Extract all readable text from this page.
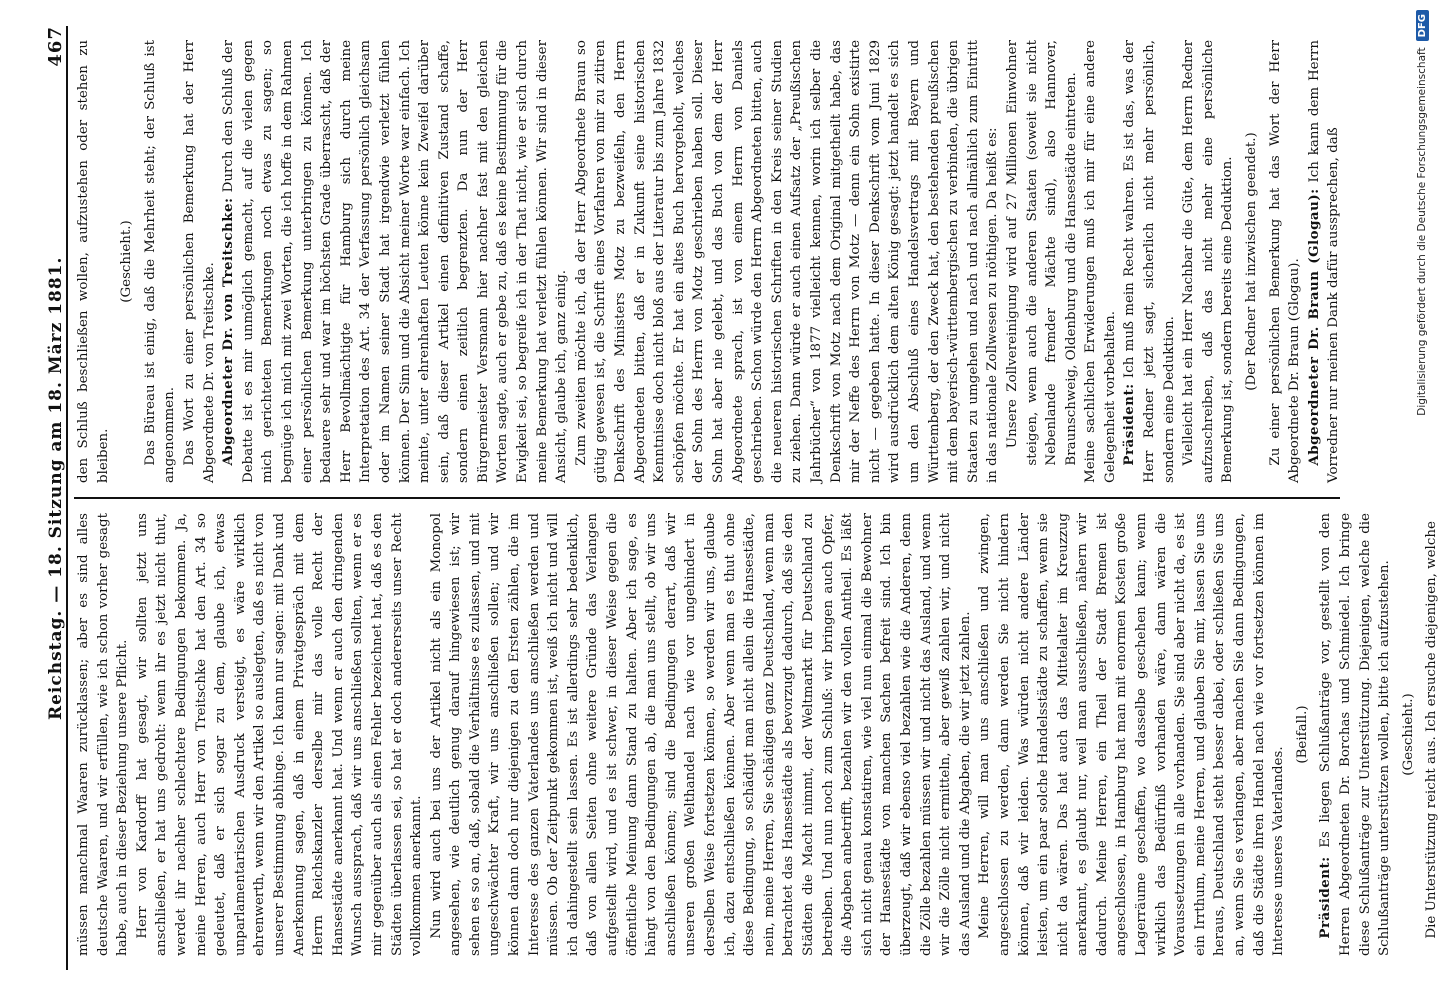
Reichstag. — 18. Sitzung am 18. März 1881.
467

müssen manchmal Waaren zurücklassen; aber es sind alles deutsche Waaren, und wir erfüllen, wie ich schon vorher gesagt habe, auch in dieser Beziehung unsere Pflicht. Herr von Kardorff hat gesagt, wir sollten jetzt uns anschließen, er hat uns gedroht: wenn ihr es jetzt nicht thut, werdet ihr nachher schlechtere Bedingungen bekommen. Ja, meine Herren, auch Herr von Treitschke hat den Art. 34 so gedeutet, daß er sich sogar zu dem, glaube ich, etwas unparlamentarischen Ausdruck versteigt, es wäre wirklich ehrenwerth, wenn wir den Artikel so auslegten, daß es nicht von unserer Bestimmung abhinge. Ich kann nur sagen: mit Dank und Anerkennung sagen, daß in einem Privatgespräch mit dem Herrn Reichskanzler derselbe mir das volle Recht der Hansestädte anerkannt hat. Und wenn er auch den dringenden Wunsch aussprach, daß wir uns anschließen sollten, wenn er es mir gegenüber auch als einen Fehler bezeichnet hat, daß es den Städten überlassen sei, so hat er doch andererseits unser Recht vollkommen anerkannt. Nun wird auch bei uns der Artikel nicht als ein Monopol angesehen, wie deutlich genug darauf hingewiesen ist; wir sehen es so an, daß, sobald die Verhältnisse es zulassen, und mit ungeschwächter Kraft, wir uns anschließen sollen; und wir können dann doch nur diejenigen zu den Ersten zählen, die im Interesse des ganzen Vaterlandes uns anschließen werden und müssen. Ob der Zeitpunkt gekommen ist, weiß ich nicht und will ich dahingestellt sein lassen. Es ist allerdings sehr bedenklich, daß von allen Seiten ohne weitere Gründe das Verlangen aufgestellt wird, und es ist schwer, in dieser Weise gegen die öffentliche Meinung dann Stand zu halten. Aber ich sage, es hängt von den Bedingungen ab, die man uns stellt, ob wir uns anschließen können; sind die Bedingungen derart, daß wir unseren großen Welthandel nach wie vor ungehindert in derselben Weise fortsetzen können, so werden wir uns, glaube ich, dazu entschließen können. Aber wenn man es thut ohne diese Bedingung, so schädigt man nicht allein die Hansestädte, nein, meine Herren, Sie schädigen ganz Deutschland, wenn man betrachtet das Hansestädte als bevorzugt dadurch, daß sie den Städten die Macht nimmt, der Weltmarkt für Deutschland zu betreiben. Und nun noch zum Schluß: wir bringen auch Opfer, die Abgaben anbetrifft, bezahlen wir den vollen Antheil. Es läßt sich nicht genau konstatiren, wie viel nun einmal die Bewohner der Hansestädte von manchen Sachen befreit sind. Ich bin überzeugt, daß wir ebenso viel bezahlen wie die Anderen, denn die Zölle bezahlen müssen wir und nicht das Ausland, und wenn wir die Zölle nicht ermitteln, aber gewiß zahlen wir, und nicht das Ausland und die Abgaben, die wir jetzt zahlen. Meine Herren, will man uns anschließen und zwingen, angeschlossen zu werden, dann werden Sie nicht hindern können, daß wir leiden. Was würden nicht andere Länder leisten, um ein paar solche Handelsstädte zu schaffen, wenn sie nicht da wären. Das hat auch das Mittelalter im Kreuzzug anerkannt, es glaubt nur, weil man ausschließen, nähern wir dadurch. Meine Herren, ein Theil der Stadt Bremen ist angeschlossen, in Hamburg hat man mit enormen Kosten große Lagerräume geschaffen, wo dasselbe geschehen kann; wenn wirklich das Bedürfniß vorhanden wäre, dann wären die Voraussetzungen in alle vorhanden. Sie sind aber nicht da, es ist ein Irrthum, meine Herren, und glauben Sie mir, lassen Sie uns heraus, Deutschland steht besser dabei, oder schließen Sie uns an, wenn Sie es verlangen, aber machen Sie dann Bedingungen, daß die Städte ihren Handel nach wie vor fortsetzen können im Interesse unseres Vaterlandes.

(Beifall.)

Präsident: Es liegen Schlußanträge vor, gestellt von den Herren Abgeordneten Dr. Borchas und Schmiedel. Ich bringe diese Schlußanträge zur Unterstützung. Diejenigen, welche die Schlußanträge unterstützen wollen, bitte ich aufzustehen. (Geschieht.) Die Unterstützung reicht aus. Ich ersuche diejenigen, welche

den Schluß beschließen wollen, aufzustehen oder stehen zu bleiben.

(Geschieht.) Das Büreau ist einig, daß die Mehrheit steht; der Schluß ist angenommen. Das Wort zu einer persönlichen Bemerkung hat der Herr Abgeordnete Dr. von Treitschke. Abgeordneter Dr. von Treitschke: Durch den Schluß der Debatte ist es mir unmöglich gemacht, auf die vielen gegen mich gerichteten Bemerkungen noch etwas zu sagen; so begnüge ich mich mit zwei Worten, die ich hoffe in dem Rahmen einer persönlichen Bemerkung unterbringen zu können. Ich bedauere sehr und war im höchsten Grade überrascht, daß der Herr Bevollmächtigte für Hamburg sich durch meine Interpretation des Art. 34 der Verfassung persönlich gleichsam oder im Namen seiner Stadt hat irgendwie verletzt fühlen können. Der Sinn und die Absicht meiner Worte war einfach. Ich meinte, unter ehrenhaften Leuten könne kein Zweifel darüber sein, daß dieser Artikel einen definitiven Zustand schaffe, sondern einen zeitlich begrenzten. Da nun der Herr Bürgermeister Versmann hier nachher fast mit den gleichen Worten sagte, auch er gebe zu, daß es keine Bestimmung für die Ewigkeit sei, so begreife ich in der That nicht, wie er sich durch meine Bemerkung hat verletzt fühlen können. Wir sind in dieser Ansicht, glaube ich, ganz einig. Zum zweiten möchte ich, da der Herr Abgeordnete Braun so gütig gewesen ist, die Schrift eines Vorfahren von mir zu zitiren Denkschrift des Ministers Motz zu bezweifeln, den Herrn Abgeordneten bitten, daß er in Zukunft seine historischen Kenntnisse doch nicht bloß aus der Literatur bis zum Jahre 1832 schöpfen möchte. Er hat ein altes Buch hervorgeholt, welches der Sohn des Herrn von Motz geschrieben haben soll. Dieser Sohn hat aber nie gelebt, und das Buch von dem der Herr Abgeordnete sprach, ist von einem Herrn von Daniels geschrieben. Schon würde den Herrn Abgeordneten bitten, auch die neueren historischen Schriften in den Kreis seiner Studien zu ziehen. Dann würde er auch einen Aufsatz der „Preußischen Jahrbücher“ von 1877 vielleicht kennen, worin ich selber die Denkschrift von Motz nach dem Original mitgetheilt habe, das mir der Neffe des Herrn von Motz — denn ein Sohn existirte nicht — gegeben hatte. In dieser Denkschrift vom Juni 1829 wird ausdrücklich dem alten König gesagt: jetzt handelt es sich um den Abschluß eines Handelsvertrags mit Bayern und Württemberg, der den Zweck hat, den bestehenden preußischen mit dem bayerisch-württembergischen zu verbinden, die übrigen Staaten zu umgehen und nach und nach allmählich zum Eintritt in das nationale Zollwesen zu nöthigen. Da heißt es: Unsere Zollvereinigung wird auf 27 Millionen Einwohner steigen, wenn auch die anderen Staaten (soweit sie nicht Nebenlande fremder Mächte sind), also Hannover, Braunschweig, Oldenburg und die Hansestädte eintreten. Meine sachlichen Erwiderungen muß ich mir für eine andere Gelegenheit vorbehalten. Präsident: Ich muß mein Recht wahren. Es ist das, was der Herr Redner jetzt sagt, sicherlich nicht mehr persönlich, sondern eine Deduktion. Vielleicht hat ein Herr Nachbar die Güte, dem Herrn Redner aufzuschreiben, daß das nicht mehr eine persönliche Bemerkung ist, sondern bereits eine Deduktion. (Der Redner hat inzwischen geendet.) Zu einer persönlichen Bemerkung hat das Wort der Herr Abgeordnete Dr. Braun (Glogau). Abgeordneter Dr. Braun (Glogau): Ich kann dem Herrn Vorredner nur meinen Dank dafür aussprechen, daß	Digitalisierung gefördert durch die Deutsche Forschungsgemeinschaft
DFG
